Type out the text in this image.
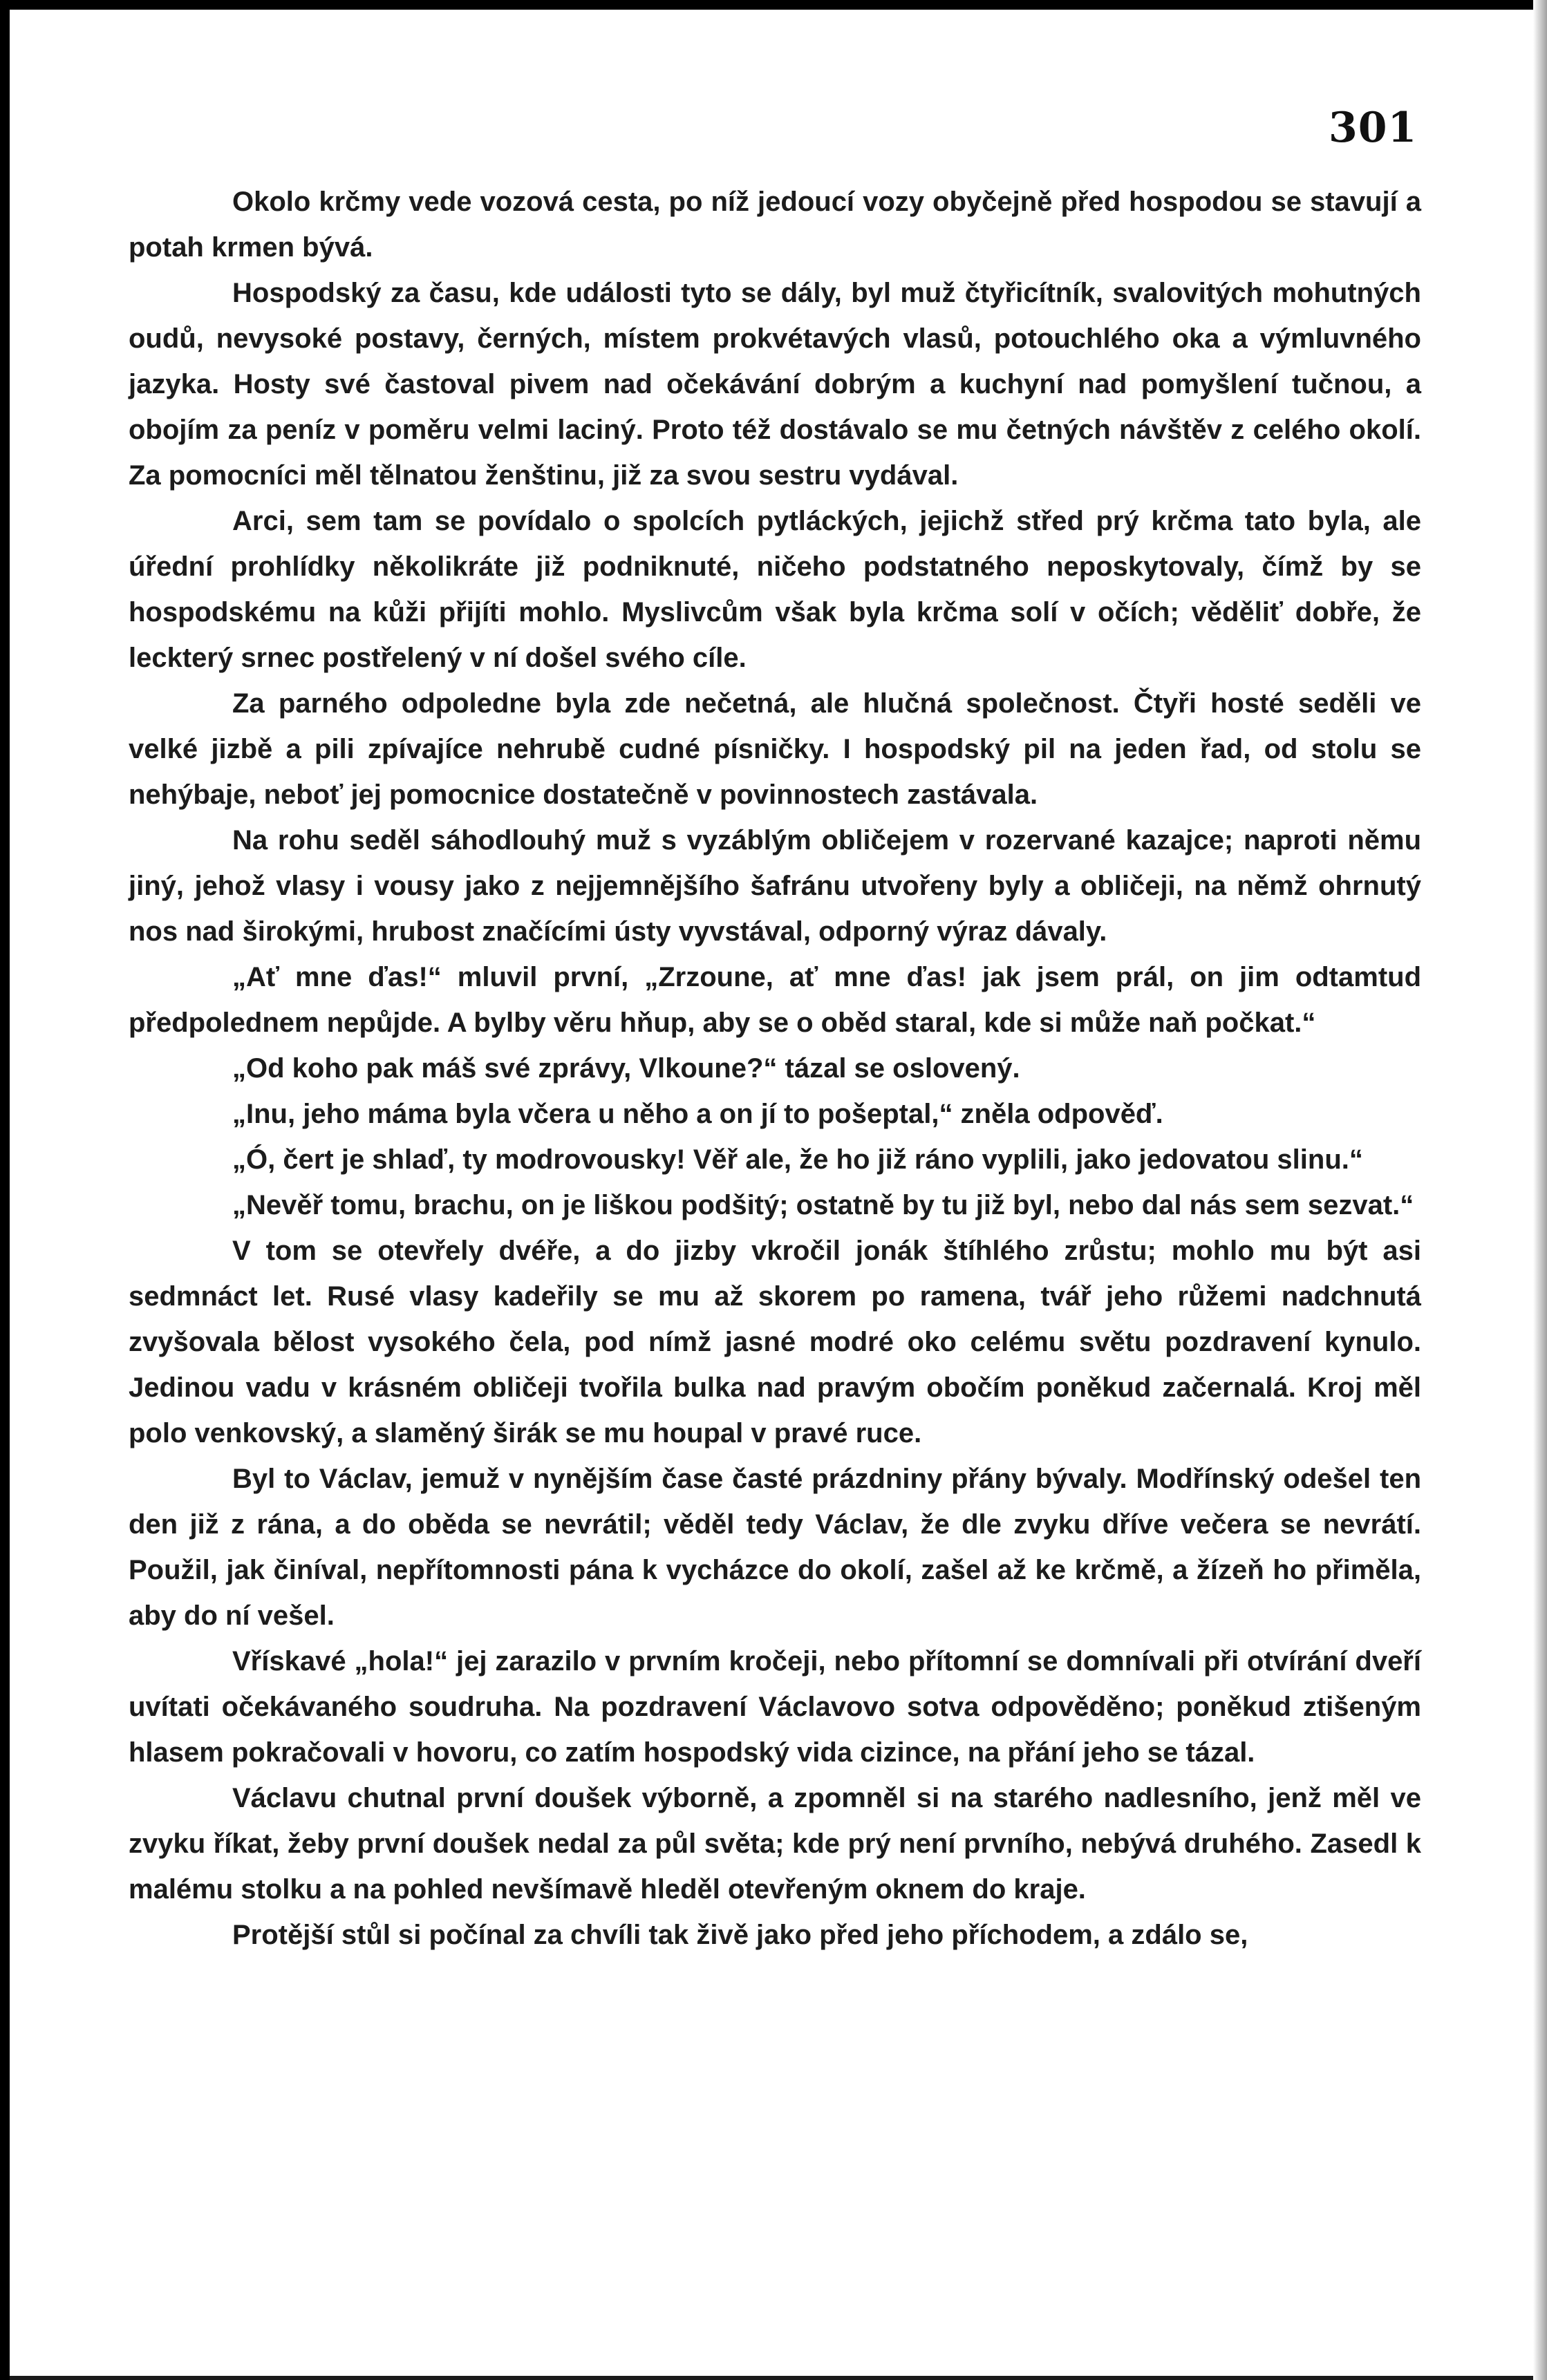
301

Okolo krčmy vede vozová cesta, po níž jedoucí vozy obyčejně před hospodou se stavují a potah krmen bývá.

Hospodský za času, kde události tyto se dály, byl muž čtyřicítník, svalovitých mohutných oudů, nevysoké postavy, černých, místem prokvétavých vlasů, potouchlého oka a výmluvného jazyka. Hosty své častoval pivem nad očekávání dobrým a kuchyní nad pomyšlení tučnou, a obojím za peníz v poměru velmi laciný. Proto též dostávalo se mu četných návštěv z celého okolí. Za pomocníci měl tělnatou ženštinu, již za svou sestru vydával.

Arci, sem tam se povídalo o spolcích pytláckých, jejichž střed prý krčma tato byla, ale úřední prohlídky několikráte již podniknuté, ničeho podstatného neposkytovaly, čímž by se hospodskému na kůži přijíti mohlo. Myslivcům však byla krčma solí v očích; věděliť dobře, že leckterý srnec postřelený v ní došel svého cíle.

Za parného odpoledne byla zde nečetná, ale hlučná společnost. Čtyři hosté seděli ve velké jizbě a pili zpívajíce nehrubě cudné písničky. I hospodský pil na jeden řad, od stolu se nehýbaje, neboť jej pomocnice dostatečně v povinnostech zastávala.

Na rohu seděl sáhodlouhý muž s vyzáblým obličejem v rozervané kazajce; naproti němu jiný, jehož vlasy i vousy jako z nejjemnějšího šafránu utvořeny byly a obličeji, na němž ohrnutý nos nad širokými, hrubost značícími ústy vyvstával, odporný výraz dávaly.

„Ať mne ďas!“ mluvil první, „Zrzoune, ať mne ďas! jak jsem prál, on jim odtamtud předpolednem nepůjde. A bylby věru hňup, aby se o oběd staral, kde si může naň počkat.“

„Od koho pak máš své zprávy, Vlkoune?“ tázal se oslovený.

„Inu, jeho máma byla včera u něho a on jí to pošeptal,“ zněla odpověď.

„Ó, čert je shlaď, ty modrovousky! Věř ale, že ho již ráno vyplili, jako jedovatou slinu.“

„Nevěř tomu, brachu, on je liškou podšitý; ostatně by tu již byl, nebo dal nás sem sezvat.“

V tom se otevřely dvéře, a do jizby vkročil jonák štíhlého zrůstu; mohlo mu být asi sedmnáct let. Rusé vlasy kadeřily se mu až skorem po ramena, tvář jeho růžemi nadchnutá zvyšovala bělost vysokého čela, pod nímž jasné modré oko celému světu pozdravení kynulo. Jedinou vadu v krásném obličeji tvořila bulka nad pravým obočím poněkud začernalá. Kroj měl polo venkovský, a slaměný širák se mu houpal v pravé ruce.

Byl to Václav, jemuž v nynějším čase časté prázdniny přány bývaly. Modřínský odešel ten den již z rána, a do oběda se nevrátil; věděl tedy Václav, že dle zvyku dříve večera se nevrátí. Použil, jak činíval, nepřítomnosti pána k vycházce do okolí, zašel až ke krčmě, a žízeň ho přiměla, aby do ní vešel.

Vřískavé „hola!“ jej zarazilo v prvním kročeji, nebo přítomní se domnívali při otvírání dveří uvítati očekávaného soudruha. Na pozdravení Václavovo sotva odpověděno; poněkud ztišeným hlasem pokračovali v hovoru, co zatím hospodský vida cizince, na přání jeho se tázal.

Václavu chutnal první doušek výborně, a zpomněl si na starého nadlesního, jenž měl ve zvyku říkat, žeby první doušek nedal za půl světa; kde prý není prvního, nebývá druhého. Zasedl k malému stolku a na pohled nevšímavě hleděl otevřeným oknem do kraje.

Protější stůl si počínal za chvíli tak živě jako před jeho příchodem, a zdálo se,
